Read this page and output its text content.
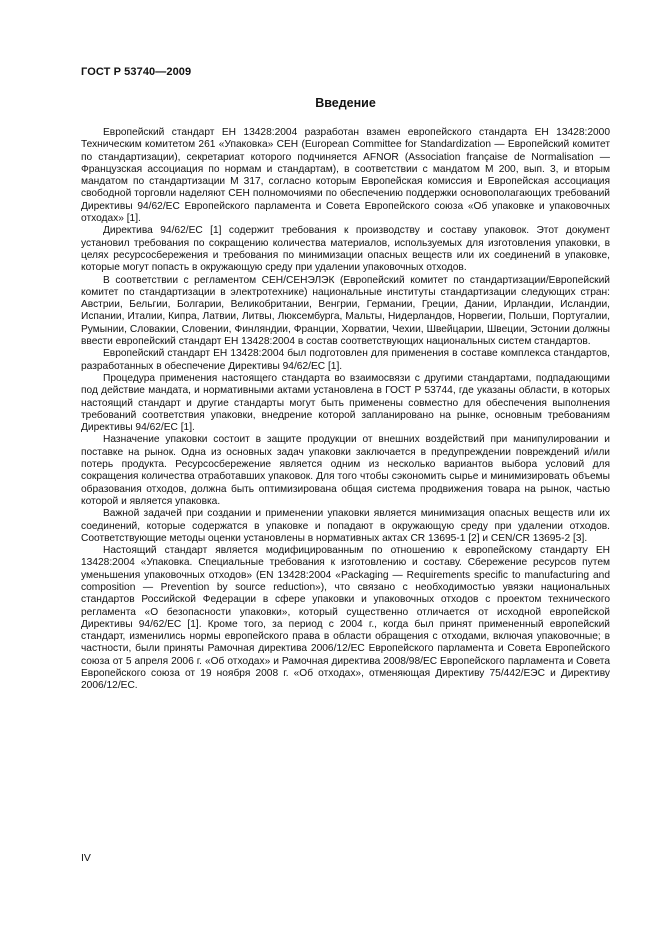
ГОСТ Р 53740—2009
Введение

Европейский стандарт ЕН 13428:2004 разработан взамен европейского стандарта ЕН 13428:2000 Техническим комитетом 261 «Упаковка» СЕН (European Committee for Standardization — Европейский комитет по стандартизации), секретариат которого подчиняется AFNOR (Association française de Normalisation — Французская ассоциация по нормам и стандартам), в соответствии с мандатом М 200, вып. 3, и вторым мандатом по стандартизации М 317, согласно которым Европейская комиссия и Европейская ассоциация свободной торговли наделяют СЕН полномочиями по обеспечению поддержки основополагающих требований Директивы 94/62/ЕС Европейского парламента и Совета Европейского союза «Об упаковке и упаковочных отходах» [1].

Директива 94/62/ЕС [1] содержит требования к производству и составу упаковок. Этот документ установил требования по сокращению количества материалов, используемых для изготовления упаковки, в целях ресурсосбережения и требования по минимизации опасных веществ или их соединений в упаковке, которые могут попасть в окружающую среду при удалении упаковочных отходов.

В соответствии с регламентом СЕН/СЕНЭЛЭК (Европейский комитет по стандартизации/Европейский комитет по стандартизации в электротехнике) национальные институты стандартизации следующих стран: Австрии, Бельгии, Болгарии, Великобритании, Венгрии, Германии, Греции, Дании, Ирландии, Исландии, Испании, Италии, Кипра, Латвии, Литвы, Люксембурга, Мальты, Нидерландов, Норвегии, Польши, Португалии, Румынии, Словакии, Словении, Финляндии, Франции, Хорватии, Чехии, Швейцарии, Швеции, Эстонии должны ввести европейский стандарт ЕН 13428:2004 в состав соответствующих национальных систем стандартов.

Европейский стандарт ЕН 13428:2004 был подготовлен для применения в составе комплекса стандартов, разработанных в обеспечение Директивы 94/62/ЕС [1].

Процедура применения настоящего стандарта во взаимосвязи с другими стандартами, подпадающими под действие мандата, и нормативными актами установлена в ГОСТ Р 53744, где указаны области, в которых настоящий стандарт и другие стандарты могут быть применены совместно для обеспечения выполнения требований соответствия упаковки, внедрение которой запланировано на рынке, основным требованиям Директивы 94/62/ЕС [1].

Назначение упаковки состоит в защите продукции от внешних воздействий при манипулировании и поставке на рынок. Одна из основных задач упаковки заключается в предупреждении повреждений и/или потерь продукта. Ресурсосбережение является одним из несколько вариантов выбора условий для сокращения количества отработавших упаковок. Для того чтобы сэкономить сырье и минимизировать объемы образования отходов, должна быть оптимизирована общая система продвижения товара на рынок, частью которой и является упаковка.

Важной задачей при создании и применении упаковки является минимизация опасных веществ или их соединений, которые содержатся в упаковке и попадают в окружающую среду при удалении отходов. Соответствующие методы оценки установлены в нормативных актах CR 13695-1 [2] и CEN/CR 13695-2 [3].

Настоящий стандарт является модифицированным по отношению к европейскому стандарту ЕН 13428:2004 «Упаковка. Специальные требования к изготовлению и составу. Сбережение ресурсов путем уменьшения упаковочных отходов» (EN 13428:2004 «Packaging — Requirements specific to manufacturing and composition — Prevention by source reduction»), что связано с необходимостью увязки национальных стандартов Российской Федерации в сфере упаковки и упаковочных отходов с проектом технического регламента «О безопасности упаковки», который существенно отличается от исходной европейской Директивы 94/62/ЕС [1]. Кроме того, за период с 2004 г., когда был принят примененный европейский стандарт, изменились нормы европейского права в области обращения с отходами, включая упаковочные; в частности, были приняты Рамочная директива 2006/12/ЕС Европейского парламента и Совета Европейского союза от 5 апреля 2006 г. «Об отходах» и Рамочная директива 2008/98/ЕС Европейского парламента и Совета Европейского союза от 19 ноября 2008 г. «Об отходах», отменяющая Директиву 75/442/ЕЭС и Директиву 2006/12/ЕС.

IV
